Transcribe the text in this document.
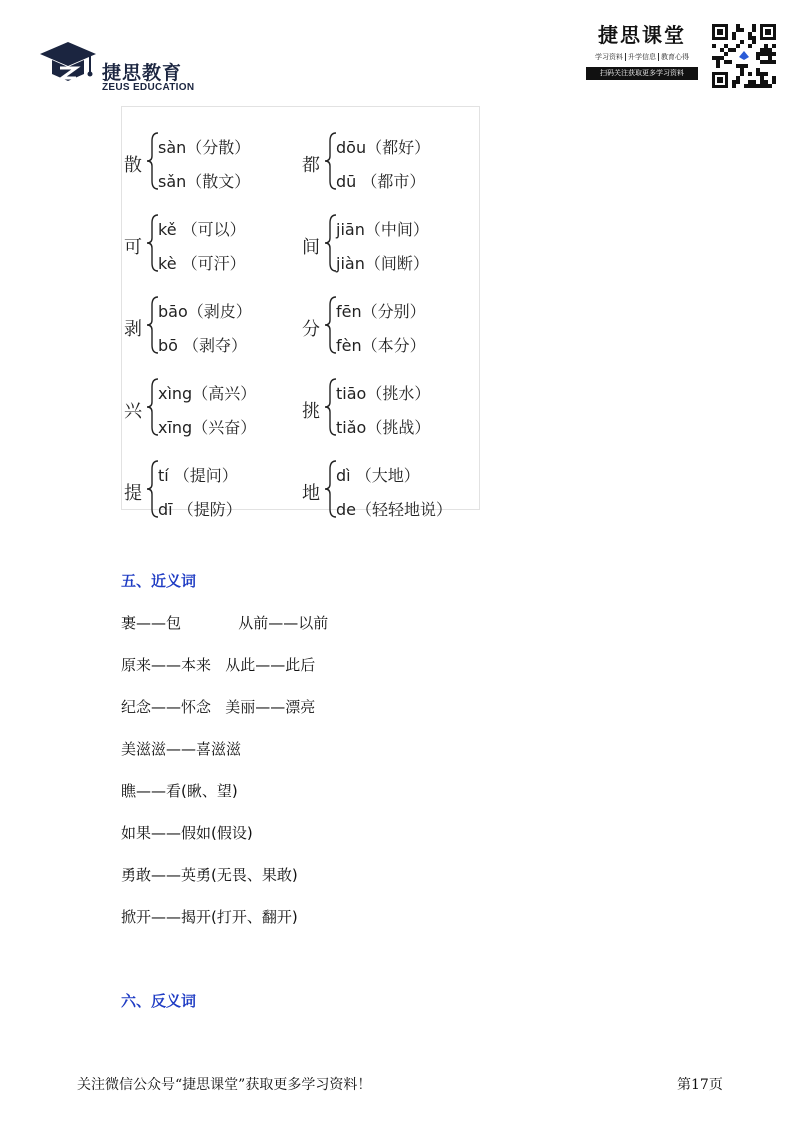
捷思教育
ZEUS EDUCATION
捷思课堂
学习资料 升学信息 教育心得
扫码关注获取更多学习资料
散
sàn（分散）
sǎn（散文）
都
dōu（都好）
dū （都市）
可
kě （可以）
kè （可汗）
间
jiān（中间）
jiàn（间断）
剥
bāo（剥皮）
bō （剥夺）
分
fēn（分别）
fèn（本分）
兴
xìng（高兴）
xīng（兴奋）
挑
tiāo（挑水）
tiǎo（挑战）
提
tí （提问）
dī （提防）
地
dì （大地）
de（轻轻地说）
五、近义词
裹——包            从前——以前
原来——本来   从此——此后
纪念——怀念   美丽——漂亮
美滋滋——喜滋滋
瞧——看(瞅、望)
如果——假如(假设)
勇敢——英勇(无畏、果敢)
掀开——揭开(打开、翻开)
六、反义词
关注微信公众号“捷思课堂”获取更多学习资料！	第17页
